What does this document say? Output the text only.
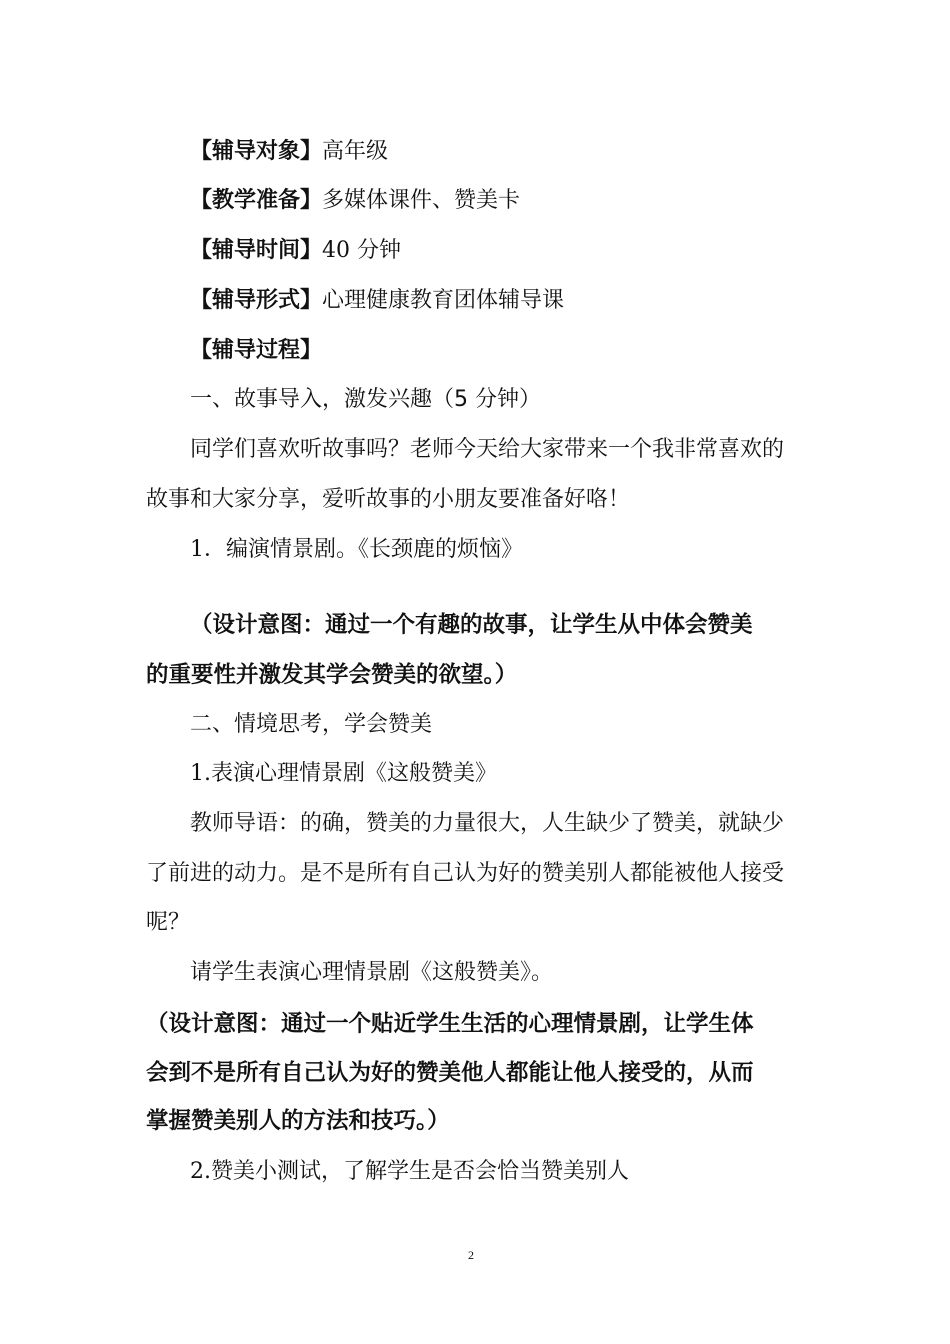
【辅导对象】高年级
【教学准备】多媒体课件、赞美卡
【辅导时间】40 分钟
【辅导形式】心理健康教育团体辅导课
【辅导过程】
一、故事导入，激发兴趣（5 分钟）
同学们喜欢听故事吗？老师今天给大家带来一个我非常喜欢的
故事和大家分享，爱听故事的小朋友要准备好咯！
1．编演情景剧。《长颈鹿的烦恼》
（设计意图：通过一个有趣的故事，让学生从中体会赞美
的重要性并激发其学会赞美的欲望。）
二、情境思考，学会赞美
1.表演心理情景剧《这般赞美》
教师导语：的确，赞美的力量很大，人生缺少了赞美，就缺少
了前进的动力。是不是所有自己认为好的赞美别人都能被他人接受
呢？
请学生表演心理情景剧《这般赞美》。
（设计意图：通过一个贴近学生生活的心理情景剧，让学生体
会到不是所有自己认为好的赞美他人都能让他人接受的，从而
掌握赞美别人的方法和技巧。）
2.赞美小测试，了解学生是否会恰当赞美别人
2
